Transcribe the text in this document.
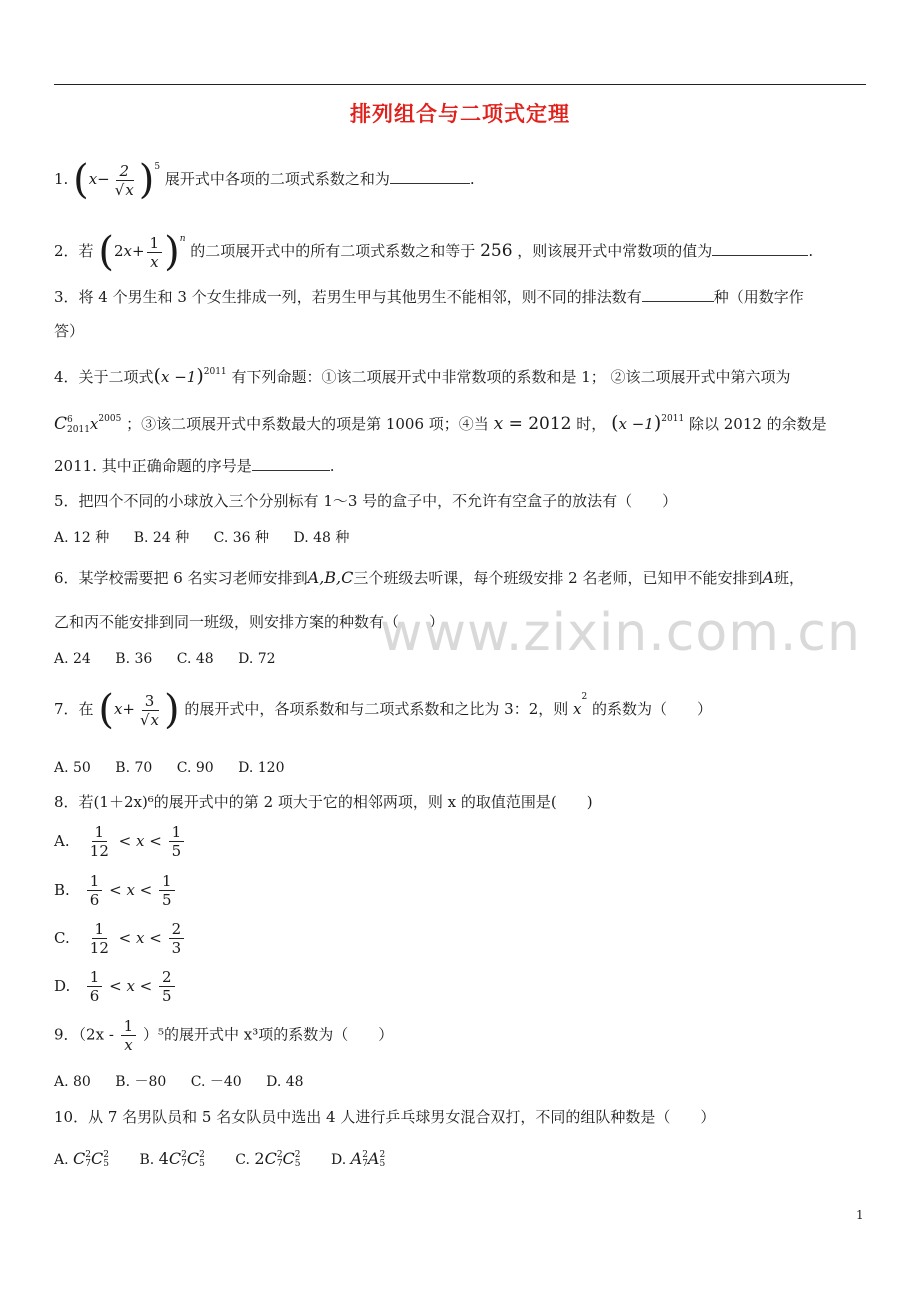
排列组合与二项式定理
1. $(x- \frac{2}{√x} )^5$ 展开式中各项的二项式系数之和为	.
2．若 $(2x+ \frac{1}{x} )^n$ 的二项展开式中的所有二项式系数之和等于 256 ，则该展开式中常数项的值为	.
3．将 4 个男生和 3 个女生排成一列，若男生甲与其他男生不能相邻，则不同的排法数有	种（用数字作
答）
4．关于二项式$(x -1)^{2011}$ 有下列命题：①该二项展开式中非常数项的系数和是 1； ②该二项展开式中第六项为
C 6
2011 $x^{2005}$ ；③该二项展开式中系数最大的项是第 1006 项；④当 x = 2012 时， $(x -1)^{2011}$ 除以 2012 的余数是
2011. 其中正确命题的序号是	.
5．把四个不同的小球放入三个分别标有 1～3 号的盒子中，不允许有空盒子的放法有（　　）
A. 12 种 B. 24 种 C. 36 种 D. 48 种
6．某学校需要把 6 名实习老师安排到A,B,C三个班级去听课，每个班级安排 2 名老师，已知甲不能安排到A班，
乙和丙不能安排到同一班级，则安排方案的种数有（　　）
A. 24 B. 36 C. 48 D. 72
7．在 ($x+ \frac{3}{√x}$ ) 的展开式中，各项系数和与二项式系数和之比为 3：2，则 $x^2$ 的系数为（　　）
A. 50 B. 70 C. 90 D. 120
8．若(1＋2x)⁶的展开式中的第 2 项大于它的相邻两项，则 x 的取值范围是(　　)
A. $\frac{1}{12} < x < \frac{1}{5}$
B. $\frac{1}{6} < x < \frac{1}{5}$
C. $\frac{1}{12} < x < \frac{2}{3}$
D. $\frac{1}{6} < x < \frac{2}{5}$
9．$(2x - \frac{1}{x} )^5$的展开式中 x³项的系数为（　　）
A. 80 B. －80 C. －40 D. 48
10．从 7 名男队员和 5 名女队员中选出 4 人进行乒乓球男女混合双打，不同的组队种数是（　　）
A. C 2
7 C 2
5 B. 4C 2
7 C 2
5 C. 2C 2
7 C 2
5 D. A 2
7 A 2
5
www.zixin.com.cn
1
